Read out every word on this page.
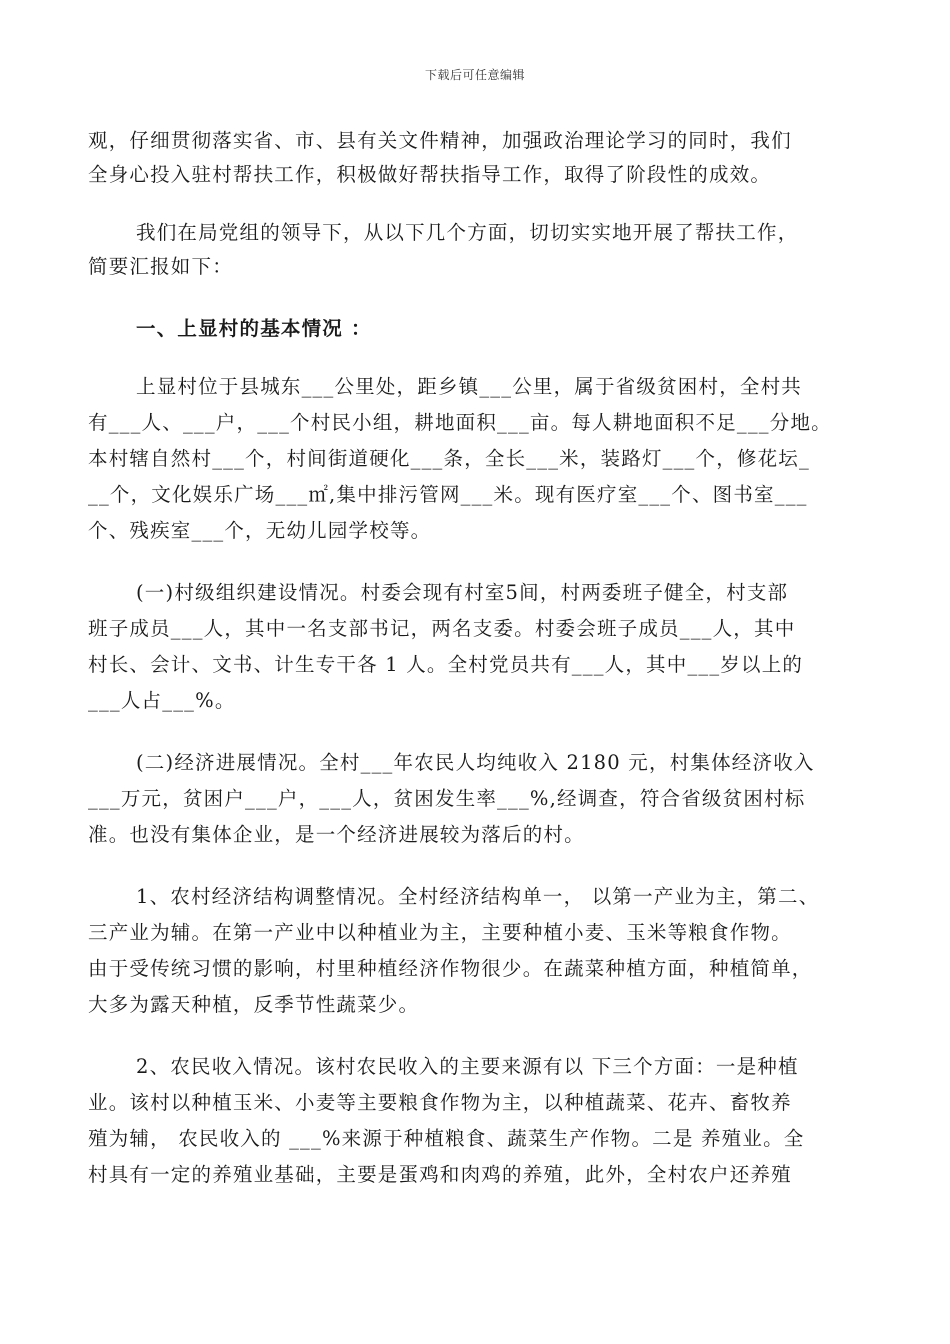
下载后可任意编辑
观，仔细贯彻落实省、市、县有关文件精神，加强政治理论学习的同时，我们
全身心投入驻村帮扶工作，积极做好帮扶指导工作，取得了阶段性的成效。
我们在局党组的领导下，从以下几个方面，切切实实地开展了帮扶工作，
简要汇报如下：
一、上显村的基本情况 ：
上显村位于县城东___公里处，距乡镇___公里，属于省级贫困村，全村共
有___人、___户，___个村民小组，耕地面积___亩。每人耕地面积不足___分地。
本村辖自然村___个，村间街道硬化___条，全长___米，装路灯___个，修花坛_
__个，文化娱乐广场___㎡,集中排污管网___米。现有医疗室___个、图书室___
个、残疾室___个，无幼儿园学校等。
(一)村级组织建设情况。村委会现有村室5间，村两委班子健全，村支部
班子成员___人，其中一名支部书记，两名支委。村委会班子成员___人，其中
村长、会计、文书、计生专干各 1 人。全村党员共有___人，其中___岁以上的
___人占___%。
(二)经济进展情况。全村___年农民人均纯收入 2180 元，村集体经济收入
___万元，贫困户___户，___人，贫困发生率___%,经调查，符合省级贫困村标
准。也没有集体企业，是一个经济进展较为落后的村。
1、农村经济结构调整情况。全村经济结构单一， 以第一产业为主，第二、
三产业为辅。在第一产业中以种植业为主，主要种植小麦、玉米等粮食作物。
由于受传统习惯的影响，村里种植经济作物很少。在蔬菜种植方面，种植简单，
大多为露天种植，反季节性蔬菜少。
2、农民收入情况。该村农民收入的主要来源有以 下三个方面：一是种植
业。该村以种植玉米、小麦等主要粮食作物为主，以种植蔬菜、花卉、畜牧养
殖为辅， 农民收入的 ___%来源于种植粮食、蔬菜生产作物。二是 养殖业。全
村具有一定的养殖业基础，主要是蛋鸡和肉鸡的养殖，此外，全村农户还养殖
